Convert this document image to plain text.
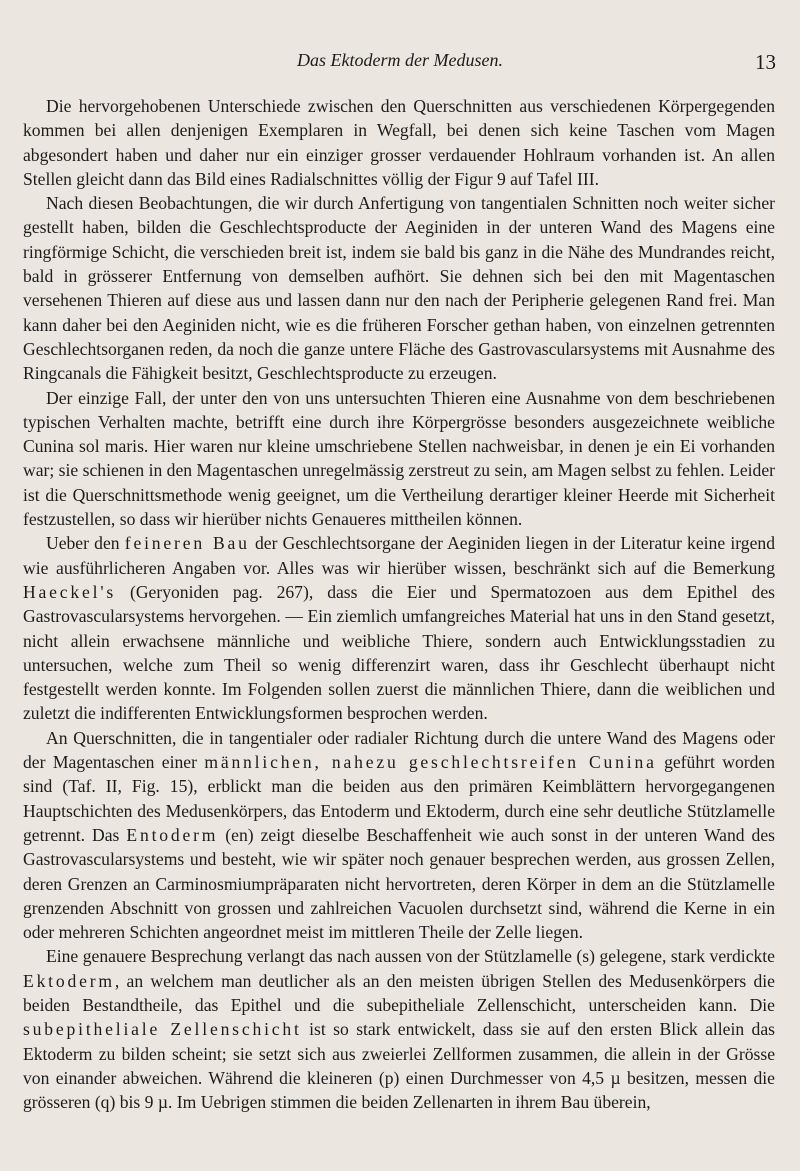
Das Ektoderm der Medusen.	13

Die hervorgehobenen Unterschiede zwischen den Querschnitten aus verschiedenen Körpergegenden kommen bei allen denjenigen Exemplaren in Wegfall, bei denen sich keine Taschen vom Magen abgesondert haben und daher nur ein einziger grosser verdauender Hohlraum vorhanden ist. An allen Stellen gleicht dann das Bild eines Radialschnittes völlig der Figur 9 auf Tafel III.

Nach diesen Beobachtungen, die wir durch Anfertigung von tangentialen Schnitten noch weiter sicher gestellt haben, bilden die Geschlechtsproducte der Aeginiden in der unteren Wand des Magens eine ringförmige Schicht, die verschieden breit ist, indem sie bald bis ganz in die Nähe des Mundrandes reicht, bald in grösserer Entfernung von demselben aufhört. Sie dehnen sich bei den mit Magentaschen versehenen Thieren auf diese aus und lassen dann nur den nach der Peripherie gelegenen Rand frei. Man kann daher bei den Aeginiden nicht, wie es die früheren Forscher gethan haben, von einzelnen getrennten Geschlechtsorganen reden, da noch die ganze untere Fläche des Gastrovascularsystems mit Ausnahme des Ringcanals die Fähigkeit besitzt, Geschlechtsproducte zu erzeugen.

Der einzige Fall, der unter den von uns untersuchten Thieren eine Ausnahme von dem beschriebenen typischen Verhalten machte, betrifft eine durch ihre Körpergrösse besonders ausgezeichnete weibliche Cunina sol maris. Hier waren nur kleine umschriebene Stellen nachweisbar, in denen je ein Ei vorhanden war; sie schienen in den Magentaschen unregelmässig zerstreut zu sein, am Magen selbst zu fehlen. Leider ist die Querschnittsmethode wenig geeignet, um die Vertheilung derartiger kleiner Heerde mit Sicherheit festzustellen, so dass wir hierüber nichts Genaueres mittheilen können.

Ueber den feineren Bau der Geschlechtsorgane der Aeginiden liegen in der Literatur keine irgend wie ausführlicheren Angaben vor. Alles was wir hierüber wissen, beschränkt sich auf die Bemerkung Haeckel's (Geryoniden pag. 267), dass die Eier und Spermatozoen aus dem Epithel des Gastrovascularsystems hervorgehen. — Ein ziemlich umfangreiches Material hat uns in den Stand gesetzt, nicht allein erwachsene männliche und weibliche Thiere, sondern auch Entwicklungsstadien zu untersuchen, welche zum Theil so wenig differenzirt waren, dass ihr Geschlecht überhaupt nicht festgestellt werden konnte. Im Folgenden sollen zuerst die männlichen Thiere, dann die weiblichen und zuletzt die indifferenten Entwicklungsformen besprochen werden.

An Querschnitten, die in tangentialer oder radialer Richtung durch die untere Wand des Magens oder der Magentaschen einer männlichen, nahezu geschlechtsreifen Cunina geführt worden sind (Taf. II, Fig. 15), erblickt man die beiden aus den primären Keimblättern hervorgegangenen Hauptschichten des Medusenkörpers, das Entoderm und Ektoderm, durch eine sehr deutliche Stützlamelle getrennt. Das Entoderm (en) zeigt dieselbe Beschaffenheit wie auch sonst in der unteren Wand des Gastrovascularsystems und besteht, wie wir später noch genauer besprechen werden, aus grossen Zellen, deren Grenzen an Carminosmiumpräparaten nicht hervortreten, deren Körper in dem an die Stützlamelle grenzenden Abschnitt von grossen und zahlreichen Vacuolen durchsetzt sind, während die Kerne in ein oder mehreren Schichten angeordnet meist im mittleren Theile der Zelle liegen.

Eine genauere Besprechung verlangt das nach aussen von der Stützlamelle (s) gelegene, stark verdickte Ektoderm, an welchem man deutlicher als an den meisten übrigen Stellen des Medusenkörpers die beiden Bestandtheile, das Epithel und die subepitheliale Zellenschicht, unterscheiden kann. Die subepitheliale Zellenschicht ist so stark entwickelt, dass sie auf den ersten Blick allein das Ektoderm zu bilden scheint; sie setzt sich aus zweierlei Zellformen zusammen, die allein in der Grösse von einander abweichen. Während die kleineren (p) einen Durchmesser von 4,5 µ besitzen, messen die grösseren (q) bis 9 µ. Im Uebrigen stimmen die beiden Zellenarten in ihrem Bau überein,
